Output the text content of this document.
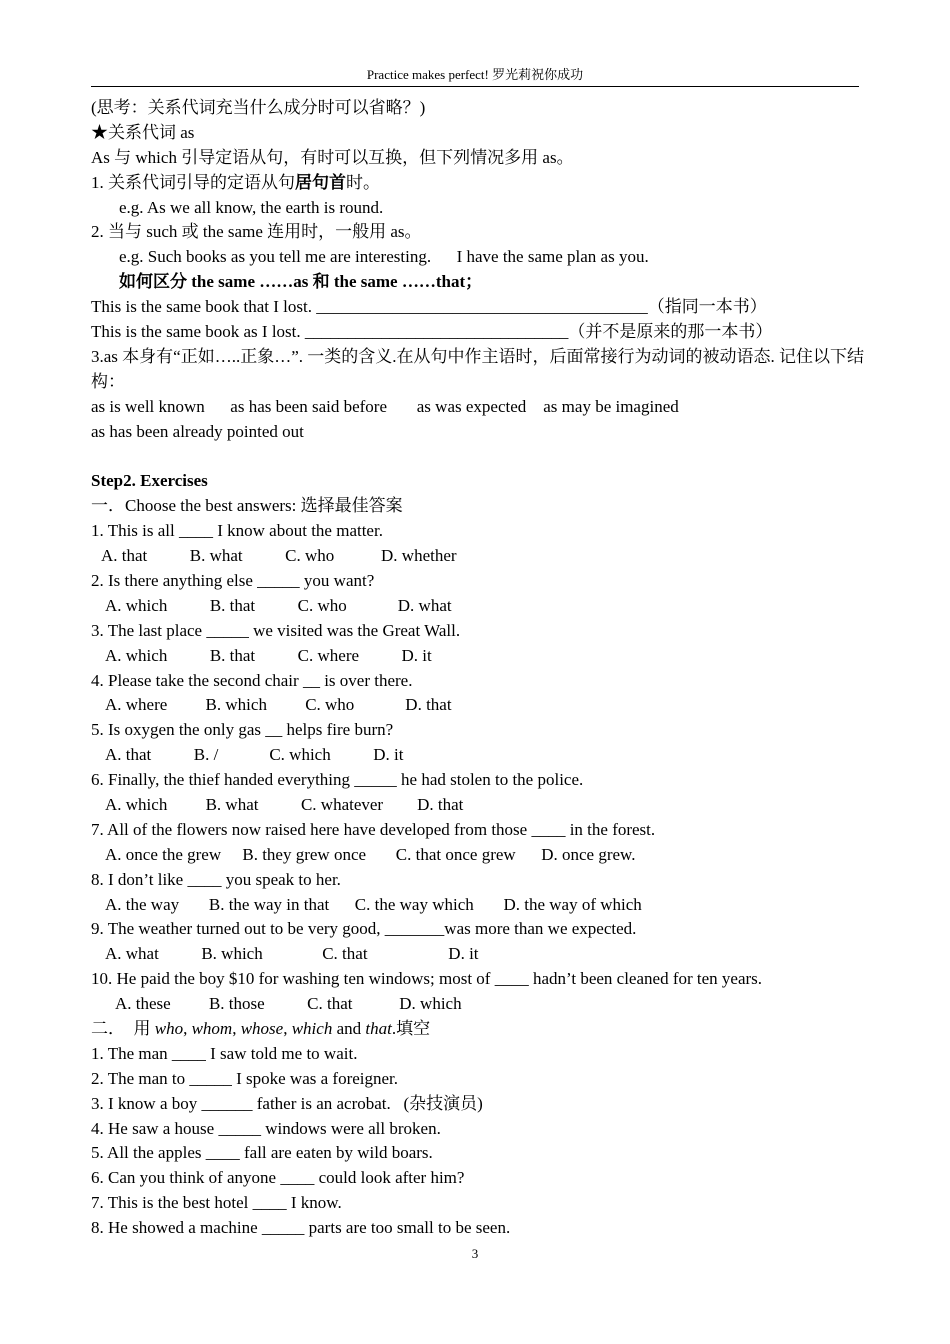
Practice makes perfect! 罗光莉祝你成功
(思考：关系代词充当什么成分时可以省略？)
★关系代词 as
As 与 which 引导定语从句，有时可以互换，但下列情况多用 as。
1. 关系代词引导的定语从句居句首时。
e.g. As we all know, the earth is round.
2. 当与 such 或 the same 连用时，一般用 as。
e.g. Such books as you tell me are interesting.      I have the same plan as you.
如何区分 the same ……as 和 the same ……that；
This is the same book that I lost. _______________________________________（指同一本书）
This is the same book as I lost. _______________________________（并不是原来的那一本书）
3.as 本身有“正如…..正象…”. 一类的含义.在从句中作主语时，后面常接行为动词的被动语态. 记住以下结构：
as is well known      as has been said before       as was expected    as may be imagined
as has been already pointed out
Step2. Exercises
一．Choose the best answers: 选择最佳答案
1. This is all ____ I know about the matter.
A. that          B. what          C. who           D. whether
2. Is there anything else _____ you want?
A. which          B. that          C. who            D. what
3. The last place _____ we visited was the Great Wall.
A. which          B. that          C. where          D. it
4. Please take the second chair __ is over there.
A. where         B. which         C. who            D. that
5. Is oxygen the only gas __ helps fire burn?
A. that          B. /            C. which          D. it
6. Finally, the thief handed everything _____ he had stolen to the police.
A. which         B. what          C. whatever        D. that
7. All of the flowers now raised here have developed from those ____ in the forest.
A. once the grew     B. they grew once       C. that once grew      D. once grew.
8. I don’t like ____ you speak to her.
A. the way       B. the way in that      C. the way which       D. the way of which
9. The weather turned out to be very good, _______was more than we expected.
A. what          B. which              C. that                   D. it
10. He paid the boy $10 for washing ten windows; most of ____ hadn’t been cleaned for ten years.
A. these         B. those          C. that           D. which
二．  用 who, whom, whose, which and that.填空
1. The man ____ I saw told me to wait.
2. The man to _____ I spoke was a foreigner.
3. I know a boy ______ father is an acrobat.   (杂技演员)
4. He saw a house _____ windows were all broken.
5. All the apples ____ fall are eaten by wild boars.
6. Can you think of anyone ____ could look after him?
7. This is the best hotel ____ I know.
8. He showed a machine _____ parts are too small to be seen.
3
